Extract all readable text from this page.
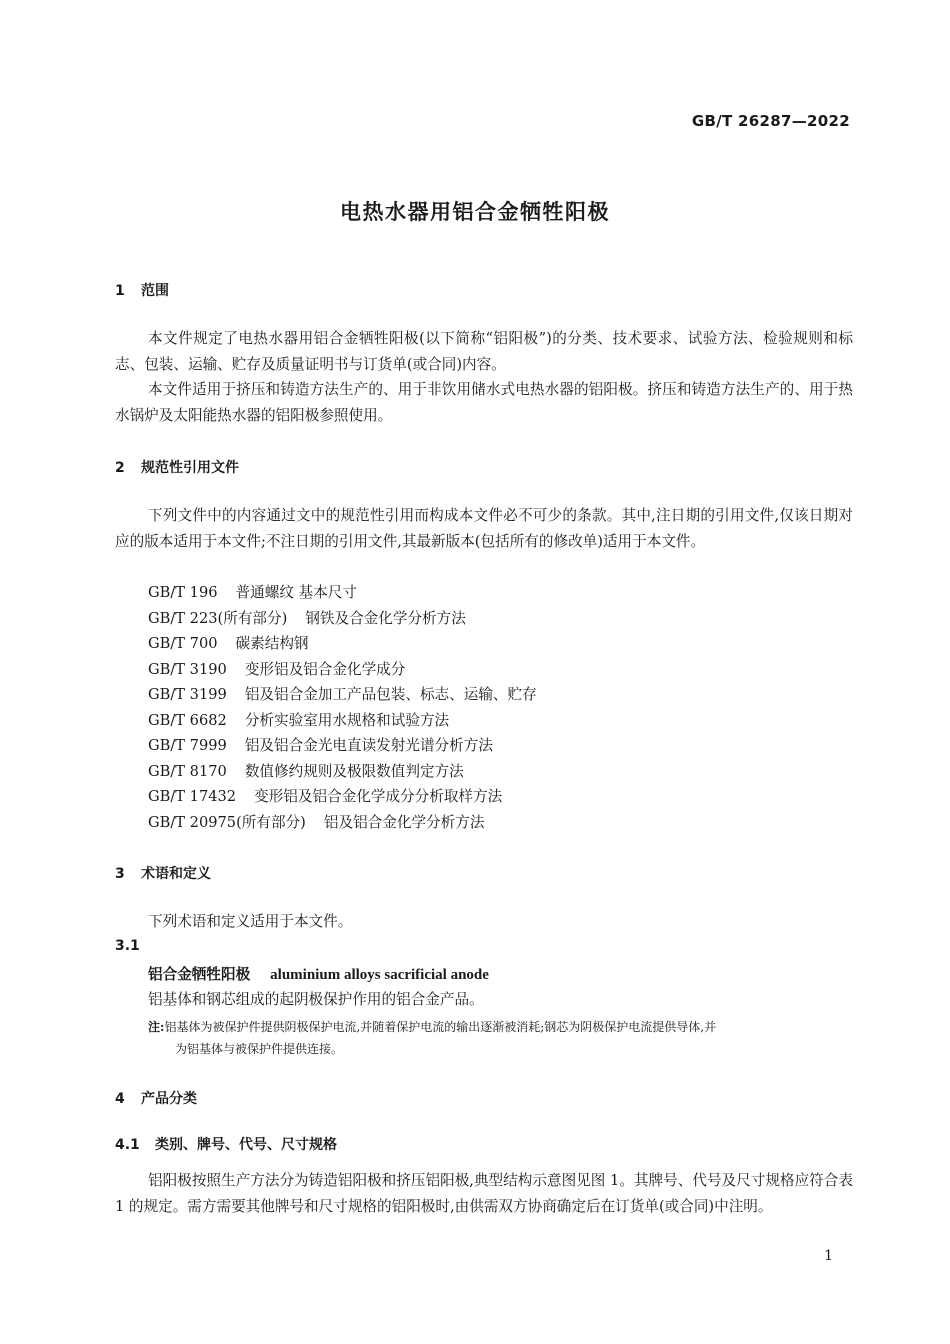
GB/T 26287—2022
电热水器用铝合金牺牲阳极
1 范围

本文件规定了电热水器用铝合金牺牲阳极(以下简称“铝阳极”)的分类、技术要求、试验方法、检验规则和标志、包装、运输、贮存及质量证明书与订货单(或合同)内容。

本文件适用于挤压和铸造方法生产的、用于非饮用储水式电热水器的铝阳极。挤压和铸造方法生产的、用于热水锅炉及太阳能热水器的铝阳极参照使用。

2 规范性引用文件

下列文件中的内容通过文中的规范性引用而构成本文件必不可少的条款。其中,注日期的引用文件,仅该日期对应的版本适用于本文件;不注日期的引用文件,其最新版本(包括所有的修改单)适用于本文件。

GB/T 196 普通螺纹 基本尺寸
GB/T 223(所有部分) 钢铁及合金化学分析方法
GB/T 700 碳素结构钢
GB/T 3190 变形铝及铝合金化学成分
GB/T 3199 铝及铝合金加工产品包装、标志、运输、贮存
GB/T 6682 分析实验室用水规格和试验方法
GB/T 7999 铝及铝合金光电直读发射光谱分析方法
GB/T 8170 数值修约规则及极限数值判定方法
GB/T 17432 变形铝及铝合金化学成分分析取样方法
GB/T 20975(所有部分) 铝及铝合金化学分析方法
3 术语和定义

下列术语和定义适用于本文件。

3.1
铝合金牺牲阳极 aluminium alloys sacrificial anode
铝基体和钢芯组成的起阴极保护作用的铝合金产品。

注:铝基体为被保护件提供阴极保护电流,并随着保护电流的输出逐渐被消耗;钢芯为阴极保护电流提供导体,并
为铝基体与被保护件提供连接。

4 产品分类
4.1 类别、牌号、代号、尺寸规格

铝阳极按照生产方法分为铸造铝阳极和挤压铝阳极,典型结构示意图见图 1。其牌号、代号及尺寸规格应符合表 1 的规定。需方需要其他牌号和尺寸规格的铝阳极时,由供需双方协商确定后在订货单(或合同)中注明。

1
